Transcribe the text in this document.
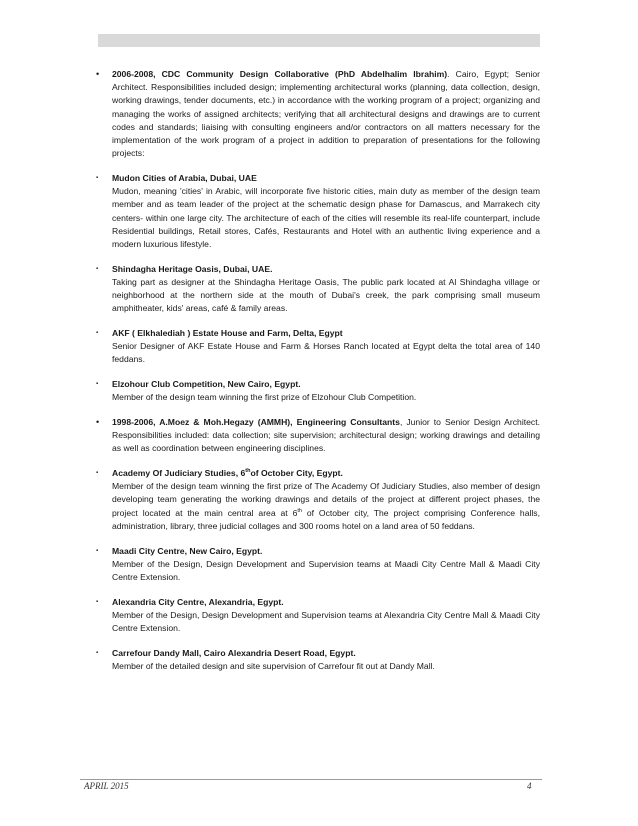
•	2006-2008, CDC Community Design Collaborative (PhD Abdelhalim Ibrahim). Cairo, Egypt; Senior Architect. Responsibilities included design; implementing architectural works (planning, data collection, design, working drawings, tender documents, etc.) in accordance with the working program of a project; organizing and managing the works of assigned architects; verifying that all architectural designs and drawings are to current codes and standards; liaising with consulting engineers and/or contractors on all matters necessary for the implementation of the work program of a project in addition to preparation of presentations for the following projects:
▪	Mudon Cities of Arabia, Dubai, UAE
Mudon, meaning 'cities' in Arabic, will incorporate five historic cities, main duty as member of the design team member and as team leader of the project at the schematic design phase for Damascus, and Marrakech city centers- within one large city. The architecture of each of the cities will resemble its real-life counterpart, include Residential buildings, Retail stores, Cafés, Restaurants and Hotel with an authentic living experience and a modern luxurious lifestyle.
▪	Shindagha Heritage Oasis, Dubai, UAE.
Taking part as designer at the Shindagha Heritage Oasis, The public park located at Al Shindagha village or neighborhood at the northern side at the mouth of Dubai's creek, the park comprising small museum amphitheater, kids' areas, café & family areas.
▪	AKF ( Elkhalediah ) Estate House and Farm, Delta, Egypt
Senior Designer of AKF Estate House and Farm & Horses Ranch located at Egypt delta the total area of 140 feddans.
▪	Elzohour Club Competition, New Cairo, Egypt.
Member of the design team winning the first prize of Elzohour Club Competition.
•	1998-2006, A.Moez & Moh.Hegazy (AMMH), Engineering Consultants, Junior to Senior Design Architect. Responsibilities included: data collection; site supervision; architectural design; working drawings and detailing as well as coordination between engineering disciplines.
▪	Academy Of Judiciary Studies, 6thof October City, Egypt.
Member of the design team winning the first prize of The Academy Of Judiciary Studies, also member of design developing team generating the working drawings and details of the project at different project phases, the project located at the main central area at 6th of October city, The project comprising Conference halls, administration, library, three judicial collages and 300 rooms hotel on a land area of 50 feddans.
▪	Maadi City Centre, New Cairo, Egypt.
Member of the Design, Design Development and Supervision teams at Maadi City Centre Mall & Maadi City Centre Extension.
▪	Alexandria City Centre, Alexandria, Egypt.
Member of the Design, Design Development and Supervision teams at Alexandria City Centre Mall & Maadi City Centre Extension.
▪	Carrefour Dandy Mall, Cairo Alexandria Desert Road, Egypt.
Member of the detailed design and site supervision of Carrefour fit out at Dandy Mall.
APRIL 2015	4
